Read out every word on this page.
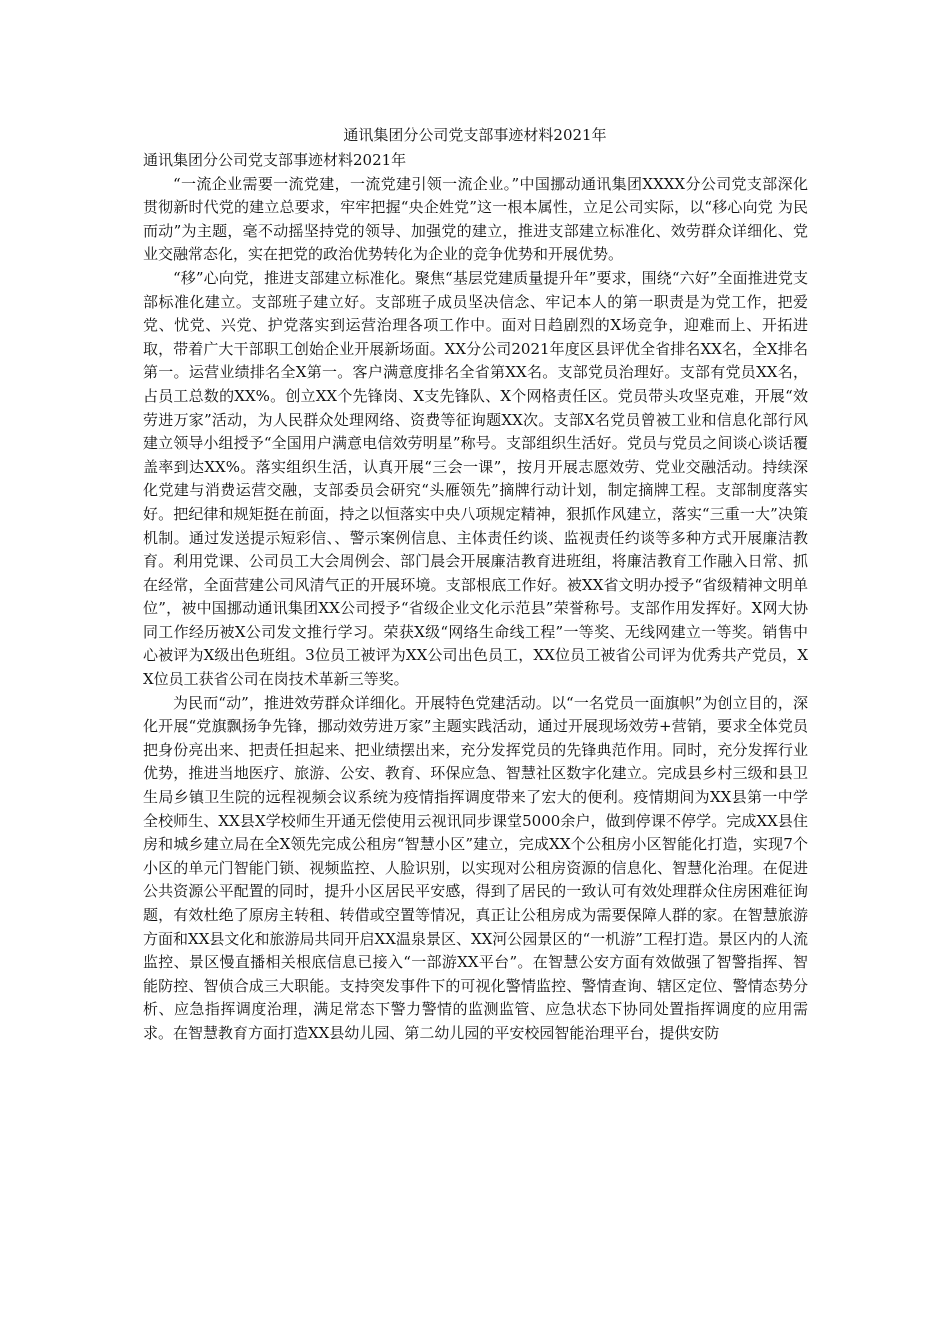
通讯集团分公司党支部事迹材料2021年

通讯集团分公司党支部事迹材料2021年

“一流企业需要一流党建，一流党建引领一流企业。”中国挪动通讯集团XXXX分公司党支部深化贯彻新时代党的建立总要求，牢牢把握“央企姓党”这一根本属性，立足公司实际，以“移心向党 为民而动”为主题，毫不动摇坚持党的领导、加强党的建立，推进支部建立标准化、效劳群众详细化、党业交融常态化，实在把党的政治优势转化为企业的竞争优势和开展优势。

“移”心向党，推进支部建立标准化。聚焦“基层党建质量提升年”要求，围绕“六好”全面推进党支部标准化建立。支部班子建立好。支部班子成员坚决信念、牢记本人的第一职责是为党工作，把爱党、忧党、兴党、护党落实到运营治理各项工作中。面对日趋剧烈的X场竞争，迎难而上、开拓进取，带着广大干部职工创始企业开展新场面。XX分公司2021年度区县评优全省排名XX名，全X排名第一。运营业绩排名全X第一。客户满意度排名全省第XX名。支部党员治理好。支部有党员XX名，占员工总数的XX%。创立XX个先锋岗、X支先锋队、X个网格责任区。党员带头攻坚克难，开展“效劳进万家”活动，为人民群众处理网络、资费等征询题XX次。支部X名党员曾被工业和信息化部行风建立领导小组授予“全国用户满意电信效劳明星”称号。支部组织生活好。党员与党员之间谈心谈话覆盖率到达XX%。落实组织生活，认真开展“三会一课”，按月开展志愿效劳、党业交融活动。持续深化党建与消费运营交融，支部委员会研究“头雁领先”摘牌行动计划，制定摘牌工程。支部制度落实好。把纪律和规矩挺在前面，持之以恒落实中央八项规定精神，狠抓作风建立，落实“三重一大”决策机制。通过发送提示短彩信、、警示案例信息、主体责任约谈、监视责任约谈等多种方式开展廉洁教育。利用党课、公司员工大会周例会、部门晨会开展廉洁教育进班组，将廉洁教育工作融入日常、抓在经常，全面营建公司风清气正的开展环境。支部根底工作好。被XX省文明办授予“省级精神文明单位”，被中国挪动通讯集团XX公司授予“省级企业文化示范县”荣誉称号。支部作用发挥好。X网大协同工作经历被X公司发文推行学习。荣获X级“网络生命线工程”一等奖、无线网建立一等奖。销售中心被评为X级出色班组。3位员工被评为XX公司出色员工，XX位员工被省公司评为优秀共产党员，XX位员工获省公司在岗技术革新三等奖。

为民而“动”，推进效劳群众详细化。开展特色党建活动。以“一名党员一面旗帜”为创立目的，深化开展“党旗飘扬争先锋，挪动效劳进万家”主题实践活动，通过开展现场效劳+营销，要求全体党员把身份亮出来、把责任担起来、把业绩摆出来，充分发挥党员的先锋典范作用。同时，充分发挥行业优势，推进当地医疗、旅游、公安、教育、环保应急、智慧社区数字化建立。完成县乡村三级和县卫生局乡镇卫生院的远程视频会议系统为疫情指挥调度带来了宏大的便利。疫情期间为XX县第一中学全校师生、XX县X学校师生开通无偿使用云视讯同步课堂5000余户，做到停课不停学。完成XX县住房和城乡建立局在全X领先完成公租房“智慧小区”建立，完成XX个公租房小区智能化打造，实现7个小区的单元门智能门锁、视频监控、人脸识别，以实现对公租房资源的信息化、智慧化治理。在促进公共资源公平配置的同时，提升小区居民平安感，得到了居民的一致认可有效处理群众住房困难征询题，有效杜绝了原房主转租、转借或空置等情况，真正让公租房成为需要保障人群的家。在智慧旅游方面和XX县文化和旅游局共同开启XX温泉景区、XX河公园景区的“一机游”工程打造。景区内的人流监控、景区慢直播相关根底信息已接入“一部游XX平台”。在智慧公安方面有效做强了智警指挥、智能防控、智侦合成三大职能。支持突发事件下的可视化警情监控、警情查询、辖区定位、警情态势分析、应急指挥调度治理，满足常态下警力警情的监测监管、应急状态下协同处置指挥调度的应用需求。在智慧教育方面打造XX县幼儿园、第二幼儿园的平安校园智能治理平台，提供安防
